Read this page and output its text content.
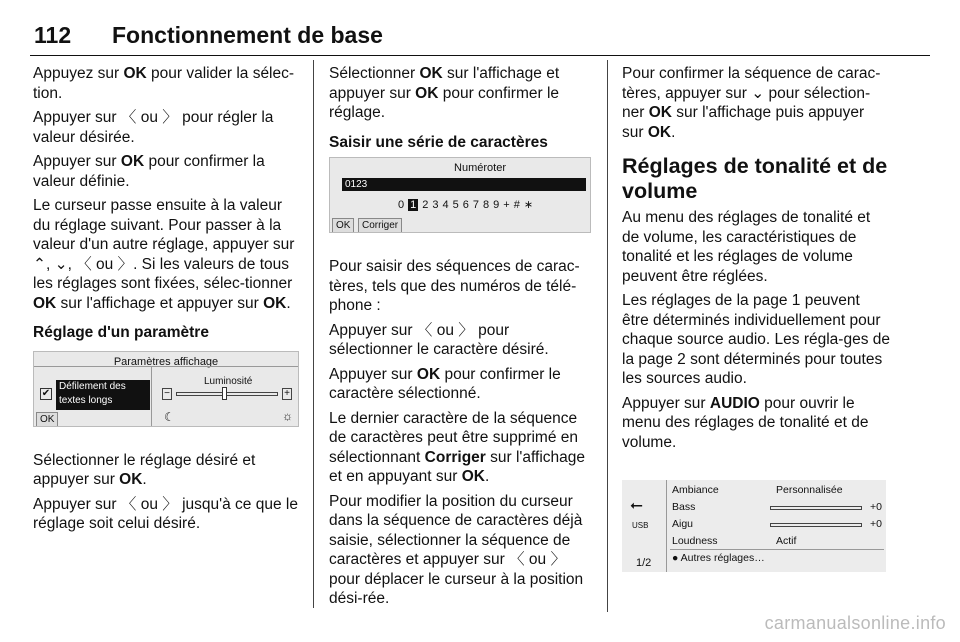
112 Fonctionnement de base

Appuyez sur OK pour valider la sélec-tion.

Appuyer sur 〈 ou 〉 pour régler la valeur désirée.

Appuyer sur OK pour confirmer la valeur définie.

Le curseur passe ensuite à la valeur du réglage suivant. Pour passer à la valeur d'un autre réglage, appuyer sur ⌃, ⌄, 〈 ou 〉. Si les valeurs de tous les réglages sont fixées, sélec-tionner OK sur l'affichage et appuyer sur OK.

Réglage d'un paramètre

Paramètres affichage
✔
Défilement des textes longs
OK
Luminosité
−	+
☾	☼

Sélectionner le réglage désiré et appuyer sur OK.

Appuyer sur 〈 ou 〉 jusqu'à ce que le réglage soit celui désiré.

Sélectionner OK sur l'affichage et appuyer sur OK pour confirmer le réglage.

Saisir une série de caractères

Numéroter
0123
0 1 2 3 4 5 6 7 8 9 + # ∗
OK	Corriger

Pour saisir des séquences de carac-tères, tels que des numéros de télé-phone :

Appuyer sur 〈 ou 〉 pour sélectionner le caractère désiré.

Appuyer sur OK pour confirmer le caractère sélectionné.

Le dernier caractère de la séquence de caractères peut être supprimé en sélectionnant Corriger sur l'affichage et en appuyant sur OK.

Pour modifier la position du curseur dans la séquence de caractères déjà saisie, sélectionner la séquence de caractères et appuyer sur 〈 ou 〉 pour déplacer le curseur à la position dési-rée.

Pour confirmer la séquence de carac-tères, appuyer sur ⌄ pour sélection-ner OK sur l'affichage puis appuyer sur OK.

Réglages de tonalité et de volume

Au menu des réglages de tonalité et de volume, les caractéristiques de tonalité et les réglages de volume peuvent être réglées.

Les réglages de la page 1 peuvent être déterminés individuellement pour chaque source audio. Les régla-ges de la page 2 sont déterminés pour toutes les sources audio.

Appuyer sur AUDIO pour ouvrir le menu des réglages de tonalité et de volume.

⭠
USB
1/2
Ambiance	Personnalisée
Bass	+0
Aigu	+0
Loudness	Actif
● Autres réglages…
carmanualsonline.info
